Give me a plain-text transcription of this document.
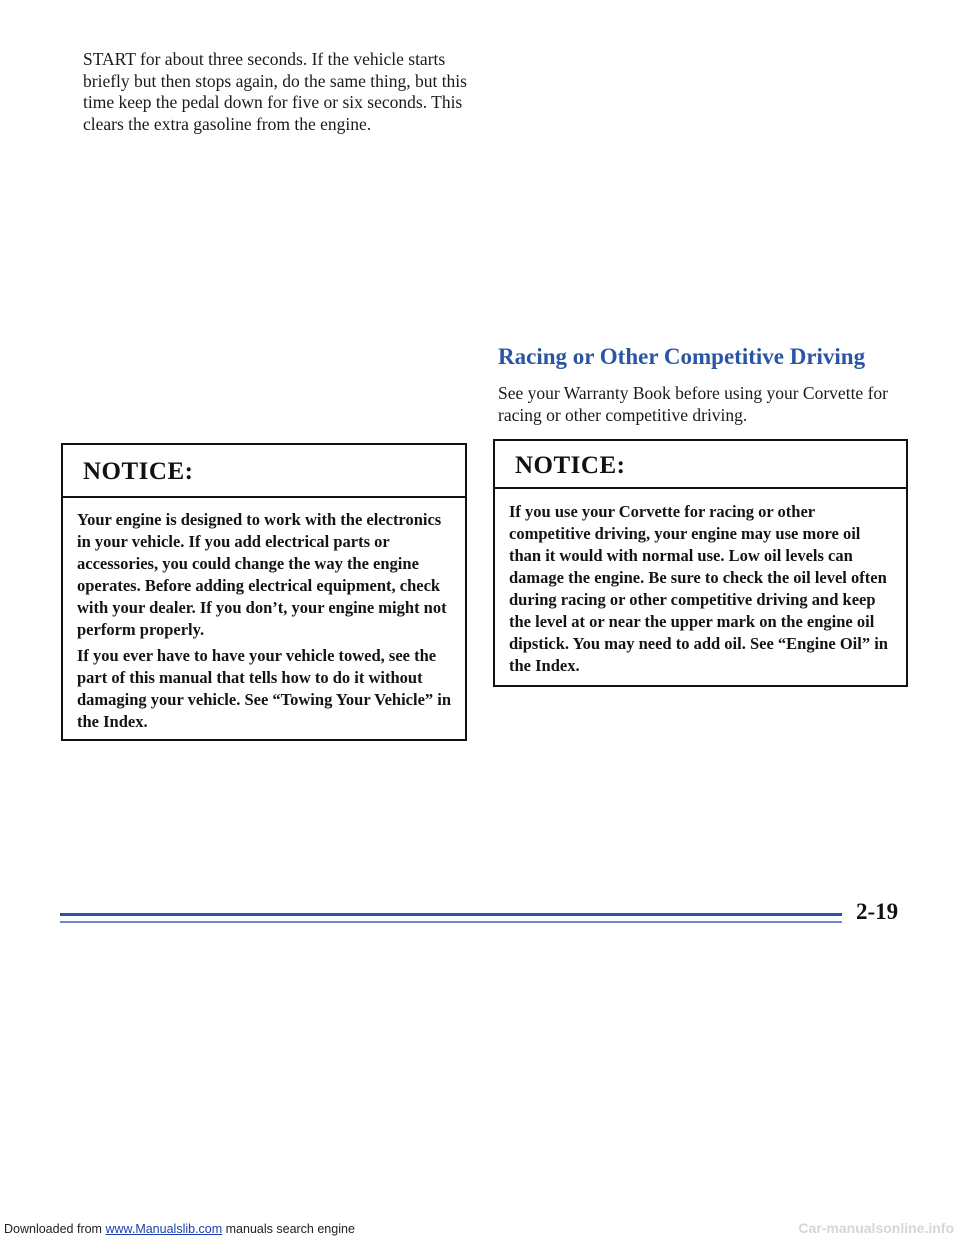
START for about three seconds. If the vehicle starts briefly but then stops again, do the same thing, but this time keep the pedal down for five or six seconds. This clears the extra gasoline from the engine.

NOTICE:

Your engine is designed to work with the electronics in your vehicle. If you add electrical parts or accessories, you could change the way the engine operates. Before adding electrical equipment, check with your dealer. If you don’t, your engine might not perform properly.

If you ever have to have your vehicle towed, see the part of this manual that tells how to do it without damaging your vehicle. See “Towing Your Vehicle” in the Index.

Racing or Other Competitive Driving

See your Warranty Book before using your Corvette for racing or other competitive driving.

NOTICE:

If you use your Corvette for racing or other competitive driving, your engine may use more oil than it would with normal use. Low oil levels can damage the engine. Be sure to check the oil level often during racing or other competitive driving and keep the level at or near the upper mark on the engine oil dipstick. You may need to add oil. See “Engine Oil” in the Index.

2-19

Downloaded from www.Manualslib.com manuals search engine	Car-manualsonline.info
